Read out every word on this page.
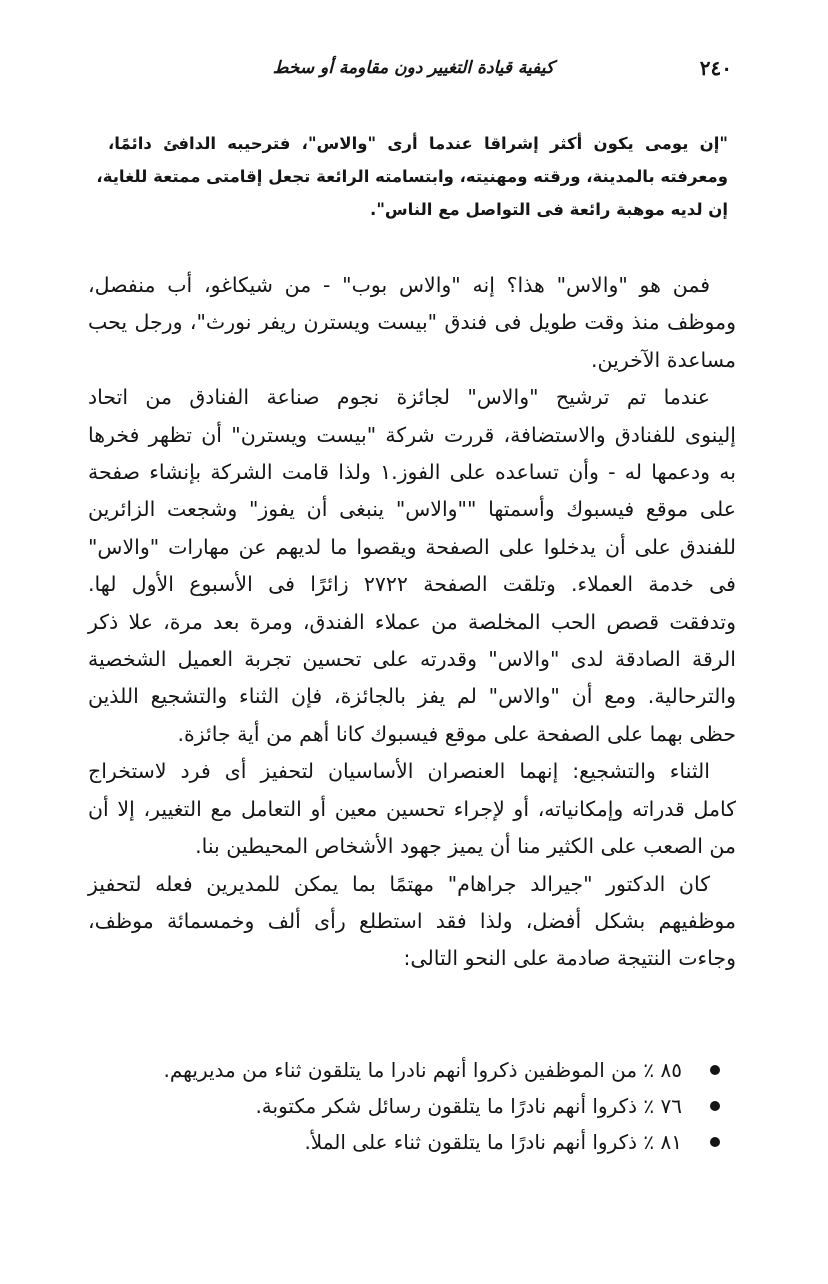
٢٤٠
كيفية قيادة التغيير دون مقاومة أو سخط
"إن يومى يكون أكثر إشراقا عندما أرى "والاس"، فترحيبه الدافئ دائمًا،
ومعرفته بالمدينة، ورقته ومهنيته، وابتسامته الرائعة تجعل إقامتى ممتعة للغاية،
إن لديه موهبة رائعة فى التواصل مع الناس".
فمن هو "والاس" هذا؟ إنه "والاس بوب" - من شيكاغو، أب منفصل،
وموظف منذ وقت طويل فى فندق "بيست ويسترن ريفر نورث"، ورجل يحب
مساعدة الآخرين.
عندما تم ترشيح "والاس" لجائزة نجوم صناعة الفنادق من اتحاد
إلينوى للفنادق والاستضافة، قررت شركة "بيست ويسترن" أن تظهر فخرها
به ودعمها له - وأن تساعده على الفوز.١ ولذا قامت الشركة بإنشاء صفحة
على موقع فيسبوك وأسمتها ""والاس" ينبغى أن يفوز" وشجعت الزائرين
للفندق على أن يدخلوا على الصفحة ويقصوا ما لديهم عن مهارات "والاس"
فى خدمة العملاء. وتلقت الصفحة ٢٧٢٢ زائرًا فى الأسبوع الأول لها.
وتدفقت قصص الحب المخلصة من عملاء الفندق، ومرة بعد مرة، علا ذكر
الرقة الصادقة لدى "والاس" وقدرته على تحسين تجربة العميل الشخصية
والترحالية. ومع أن "والاس" لم يفز بالجائزة، فإن الثناء والتشجيع اللذين
حظى بهما على الصفحة على موقع فيسبوك كانا أهم من أية جائزة.
الثناء والتشجيع: إنهما العنصران الأساسيان لتحفيز أى فرد لاستخراج
كامل قدراته وإمكانياته، أو لإجراء تحسين معين أو التعامل مع التغيير، إلا أن
من الصعب على الكثير منا أن يميز جهود الأشخاص المحيطين بنا.
كان الدكتور "جيرالد جراهام" مهتمًا بما يمكن للمديرين فعله لتحفيز
موظفيهم بشكل أفضل، ولذا فقد استطلع رأى ألف وخمسمائة موظف،
وجاءت النتيجة صادمة على النحو التالى:
٨٥ ٪ من الموظفين ذكروا أنهم نادرا ما يتلقون ثناء من مديريهم.
٧٦ ٪ ذكروا أنهم نادرًا ما يتلقون رسائل شكر مكتوبة.
٨١ ٪ ذكروا أنهم نادرًا ما يتلقون ثناء على الملأ.
